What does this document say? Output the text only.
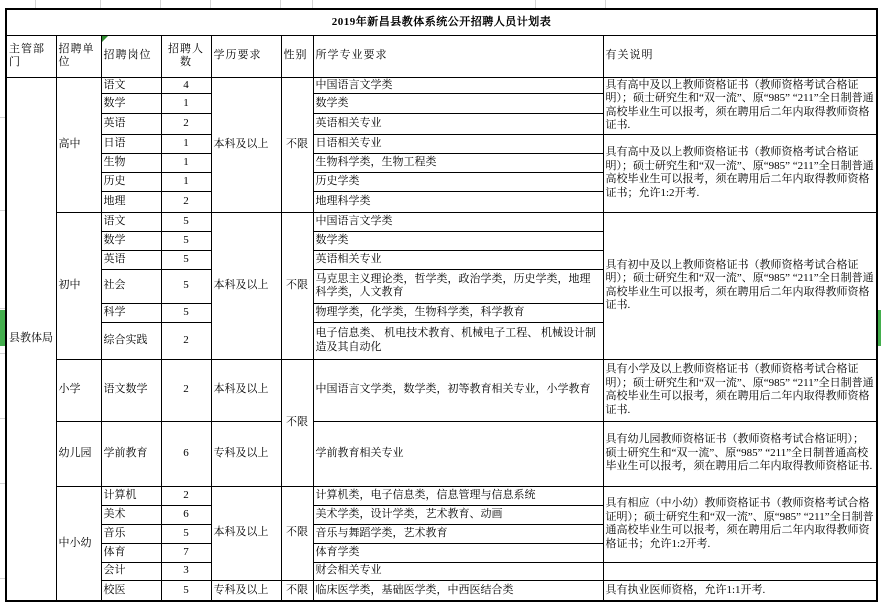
2019年新昌县教体系统公开招聘人员计划表							
主管部门	招聘单位	招聘岗位	招聘人数	学历要求	性别	所学专业要求	有关说明
县教体局	高中	语文	4	本科及以上	不限	中国语言文学类	具有高中及以上教师资格证书（教师资格考试合格证明）；硕士研究生和“双一流”、原“985” “211”全日制普通高校毕业生可以报考，须在聘用后二年内取得教师资格证书.
		数学	1			数学类	
		英语	2			英语相关专业	
		日语	1			日语相关专业	具有高中及以上教师资格证书（教师资格考试合格证明）；硕士研究生和“双一流”、原“985” “211”全日制普通高校毕业生可以报考，须在聘用后二年内取得教师资格证书；允许1:2开考.
		生物	1			生物科学类，生物工程类	
		历史	1			历史学类	
		地理	2			地理科学类	
	初中	语文	5	本科及以上	不限	中国语言文学类	具有初中及以上教师资格证书（教师资格考试合格证明）；硕士研究生和“双一流”、原“985” “211”全日制普通高校毕业生可以报考，须在聘用后二年内取得教师资格证书.
		数学	5			数学类	
		英语	5			英语相关专业	
		社会	5			马克思主义理论类，哲学类，政治学类，历史学类，地理科学类，人文教育	
		科学	5			物理学类，化学类，生物科学类，科学教育	
		综合实践	2			电子信息类、 机电技术教育、机械电子工程、 机械设计制造及其自动化	
	小学	语文数学	2	本科及以上	不限	中国语言文学类，数学类，初等教育相关专业，小学教育	具有小学及以上教师资格证书（教师资格考试合格证明）；硕士研究生和“双一流”、原“985” “211”全日制普通高校毕业生可以报考，须在聘用后二年内取得教师资格证书.
	幼儿园	学前教育	6	专科及以上		学前教育相关专业	具有幼儿园教师资格证书（教师资格考试合格证明）；硕士研究生和“双一流”、原“985” “211”全日制普通高校毕业生可以报考，须在聘用后二年内取得教师资格证书.
	中小幼	计算机	2	本科及以上	不限	计算机类，电子信息类，信息管理与信息系统	具有相应（中小幼）教师资格证书（教师资格考试合格证明）；硕士研究生和“双一流”、原“985” “211”全日制普通高校毕业生可以报考，须在聘用后二年内取得教师资格证书；允许1:2开考.
		美术	6			美术学类，设计学类，艺术教育、动画	
		音乐	5			音乐与舞蹈学类，艺术教育	
		体育	7			体育学类	
		会计	3			财会相关专业	
		校医	5	专科及以上	不限	临床医学类，基础医学类，中西医结合类	具有执业医师资格，允许1:1开考.
